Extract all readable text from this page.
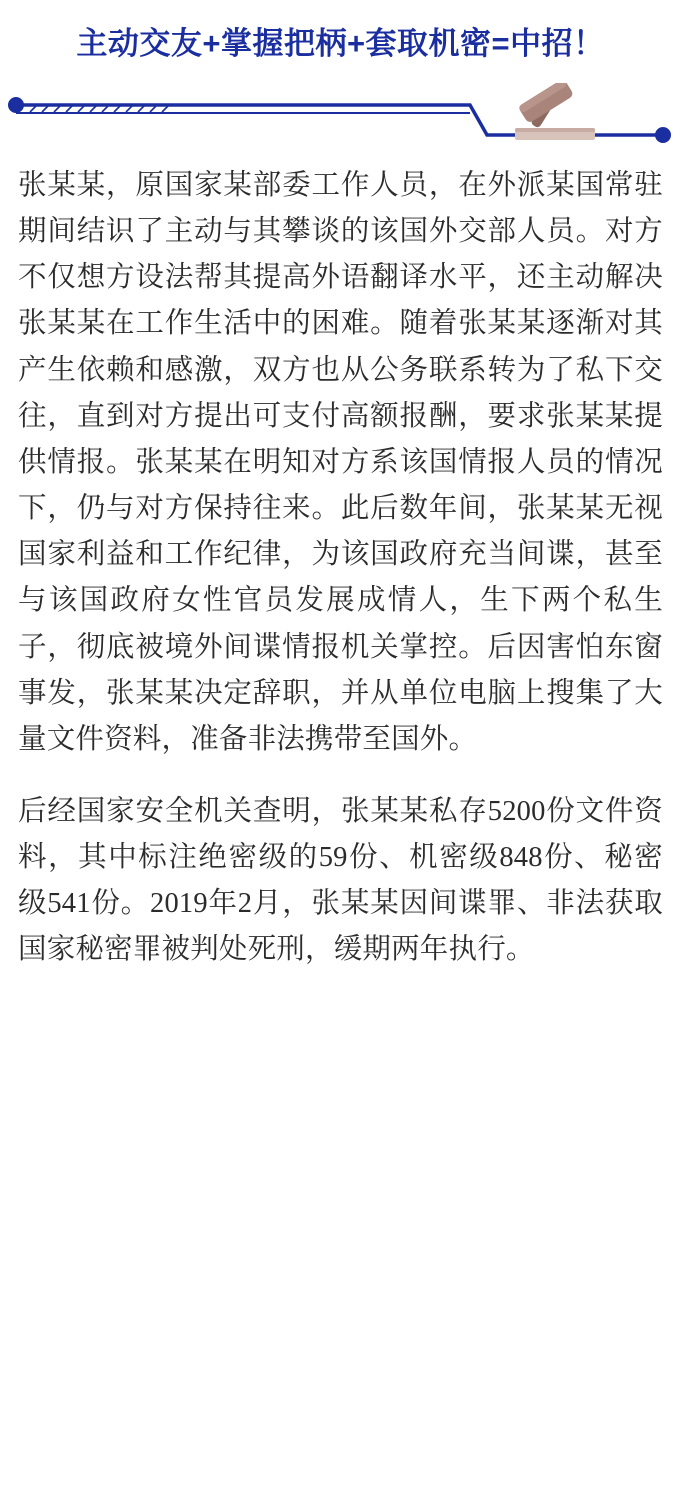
主动交友+掌握把柄+套取机密=中招！

张某某，原国家某部委工作人员，在外派某国常驻期间结识了主动与其攀谈的该国外交部人员。对方不仅想方设法帮其提高外语翻译水平，还主动解决张某某在工作生活中的困难。随着张某某逐渐对其产生依赖和感激，双方也从公务联系转为了私下交往，直到对方提出可支付高额报酬，要求张某某提供情报。张某某在明知对方系该国情报人员的情况下，仍与对方保持往来。此后数年间，张某某无视国家利益和工作纪律，为该国政府充当间谍，甚至与该国政府女性官员发展成情人，生下两个私生子，彻底被境外间谍情报机关掌控。后因害怕东窗事发，张某某决定辞职，并从单位电脑上搜集了大量文件资料，准备非法携带至国外。

后经国家安全机关查明，张某某私存5200份文件资料，其中标注绝密级的59份、机密级848份、秘密级541份。2019年2月，张某某因间谍罪、非法获取国家秘密罪被判处死刑，缓期两年执行。
